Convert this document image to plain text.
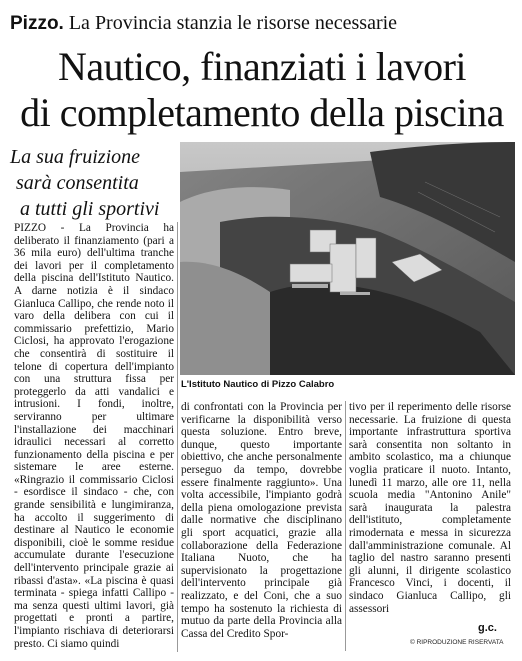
Pizzo. La Provincia stanzia le risorse necessarie
Nautico, finanziati i lavori
di completamento della piscina
La sua fruizione
sarà consentita
a tutti gli sportivi
L'Istituto Nautico di Pizzo Calabro

PIZZO - La Provincia ha deliberato il finanziamento (pari a 36 mila euro) dell'ultima tranche dei lavori per il completamento della piscina dell'Istituto Nautico. A darne notizia è il sindaco Gianluca Callipo, che rende noto il varo della delibera con cui il commissario prefettizio, Mario Ciclosi, ha approvato l'erogazione che consentirà di sostituire il telone di copertura dell'impianto con una struttura fissa per proteggerlo da atti vandalici e intrusioni. I fondi, inoltre, serviranno per ultimare l'installazione dei macchinari idraulici necessari al corretto funzionamento della piscina e per sistemare le aree esterne. «Ringrazio il commissario Ciclosi - esordisce il sindaco - che, con grande sensibilità e lungimiranza, ha accolto il suggerimento di destinare al Nautico le economie disponibili, cioè le somme residue accumulate durante l'esecuzione dell'intervento principale grazie ai ribassi d'asta». «La piscina è quasi terminata - spiega infatti Callipo - ma senza questi ultimi lavori, già progettati e pronti a partire, l'impianto rischiava di deteriorarsi presto. Ci siamo quindi

di confrontati con la Provincia per verificarne la disponibilità verso questa soluzione. Entro breve, dunque, questo importante obiettivo, che anche personalmente perseguo da tempo, dovrebbe essere finalmente raggiunto». Una volta accessibile, l'impianto godrà della piena omologazione prevista dalle normative che disciplinano gli sport acquatici, grazie alla collaborazione della Federazione Italiana Nuoto, che ha supervisionato la progettazione dell'intervento principale già realizzato, e del Coni, che a suo tempo ha sostenuto la richiesta di mutuo da parte della Provincia alla Cassa del Credito Spor-

tivo per il reperimento delle risorse necessarie. La fruizione di questa importante infrastruttura sportiva sarà consentita non soltanto in ambito scolastico, ma a chiunque voglia praticare il nuoto. Intanto, lunedì 11 marzo, alle ore 11, nella scuola media "Antonino Anile" sarà inaugurata la palestra dell'istituto, completamente rimodernata e messa in sicurezza dall'amministrazione comunale. Al taglio del nastro saranno presenti gli alunni, il dirigente scolastico Francesco Vinci, i docenti, il sindaco Gianluca Callipo, gli assessori

g.c.
© RIPRODUZIONE RISERVATA
